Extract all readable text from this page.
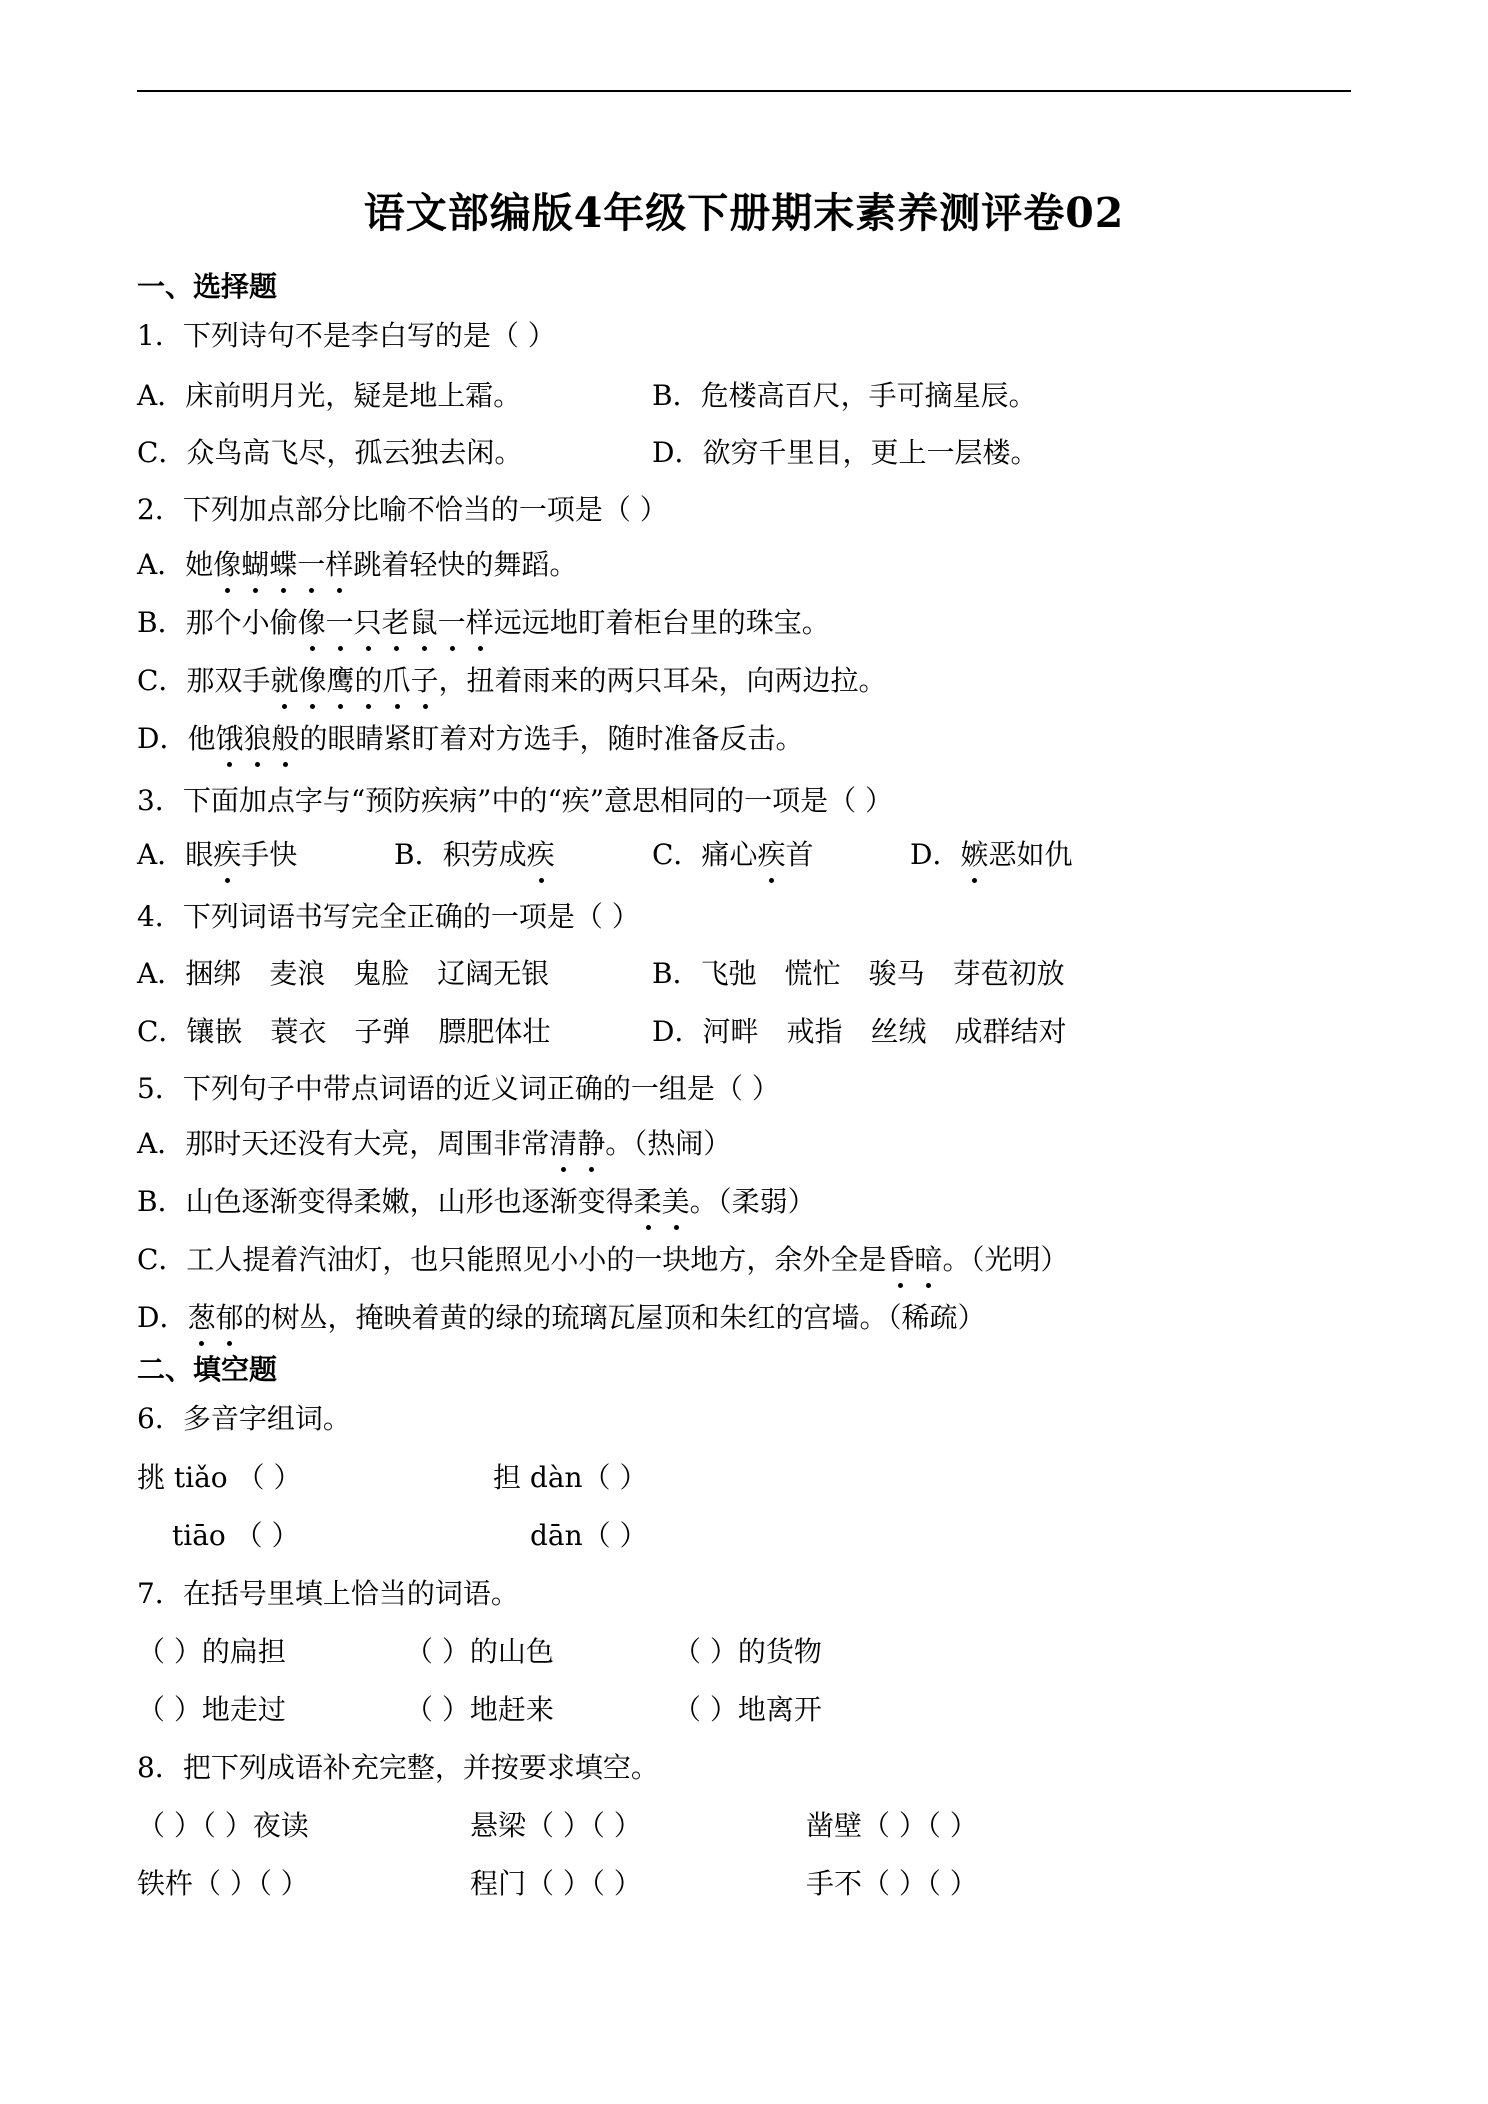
语文部编版4年级下册期末素养测评卷02
一、选择题
1．下列诗句不是李白写的是（ ）
A．床前明月光，疑是地上霜。	B．危楼高百尺，手可摘星辰。
C．众鸟高飞尽，孤云独去闲。	D．欲穷千里目，更上一层楼。
2．下列加点部分比喻不恰当的一项是（ ）
A．她像蝴蝶一样跳着轻快的舞蹈。
B．那个小偷像一只老鼠一样远远地盯着柜台里的珠宝。
C．那双手就像鹰的爪子，扭着雨来的两只耳朵，向两边拉。
D．他饿狼般的眼睛紧盯着对方选手，随时准备反击。
3．下面加点字与“预防疾病”中的“疾”意思相同的一项是（ ）
A．眼疾手快	B．积劳成疾	C．痛心疾首	D．嫉恶如仇
4．下列词语书写完全正确的一项是（ ）
A．捆绑　麦浪　鬼脸　辽阔无银	B．飞弛　慌忙　骏马　芽苞初放
C．镶嵌　蓑衣　子弹　膘肥体壮	D．河畔　戒指　丝绒　成群结对
5．下列句子中带点词语的近义词正确的一组是（ ）
A．那时天还没有大亮，周围非常清静。（热闹）
B．山色逐渐变得柔嫩，山形也逐渐变得柔美。（柔弱）
C．工人提着汽油灯，也只能照见小小的一块地方，余外全是昏暗。（光明）
D．葱郁的树丛，掩映着黄的绿的琉璃瓦屋顶和朱红的宫墙。（稀疏）
二、填空题
6．多音字组词。
挑 tiǎo （ ）	担 dàn（ ）
tiāo （ ）	dān（ ）
7．在括号里填上恰当的词语。
（ ）的扁担	（ ）的山色	（ ）的货物
（ ）地走过	（ ）地赶来	（ ）地离开
8．把下列成语补充完整，并按要求填空。
（ ）（ ）夜读	悬梁（ ）（ ）	凿壁（ ）（ ）
铁杵（ ）（ ）	程门（ ）（ ）	手不（ ）（ ）
